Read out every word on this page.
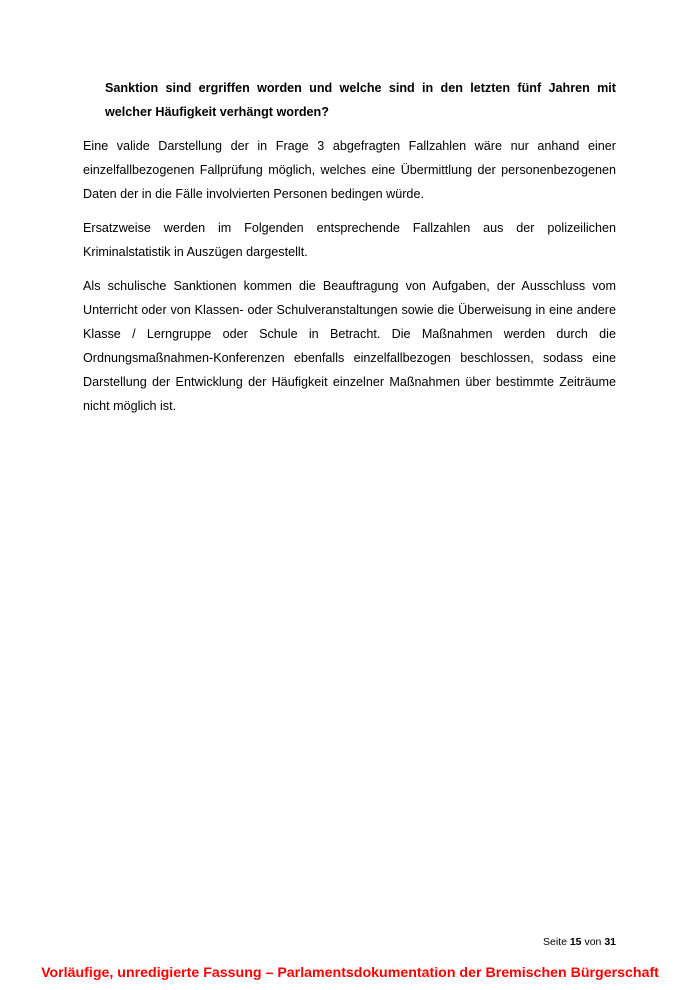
Sanktion sind ergriffen worden und welche sind in den letzten fünf Jahren mit welcher Häufigkeit verhängt worden?

Eine valide Darstellung der in Frage 3 abgefragten Fallzahlen wäre nur anhand einer einzelfallbezogenen Fallprüfung möglich, welches eine Übermittlung der personenbezogenen Daten der in die Fälle involvierten Personen bedingen würde.

Ersatzweise werden im Folgenden entsprechende Fallzahlen aus der polizeilichen Kriminalstatistik in Auszügen dargestellt.

Als schulische Sanktionen kommen die Beauftragung von Aufgaben, der Ausschluss vom Unterricht oder von Klassen- oder Schulveranstaltungen sowie die Überweisung in eine andere Klasse / Lerngruppe oder Schule in Betracht. Die Maßnahmen werden durch die Ordnungsmaßnahmen-Konferenzen ebenfalls einzelfallbezogen beschlossen, sodass eine Darstellung der Entwicklung der Häufigkeit einzelner Maßnahmen über bestimmte Zeiträume nicht möglich ist.

Seite 15 von 31
Vorläufige, unredigierte Fassung – Parlamentsdokumentation der Bremischen Bürgerschaft
